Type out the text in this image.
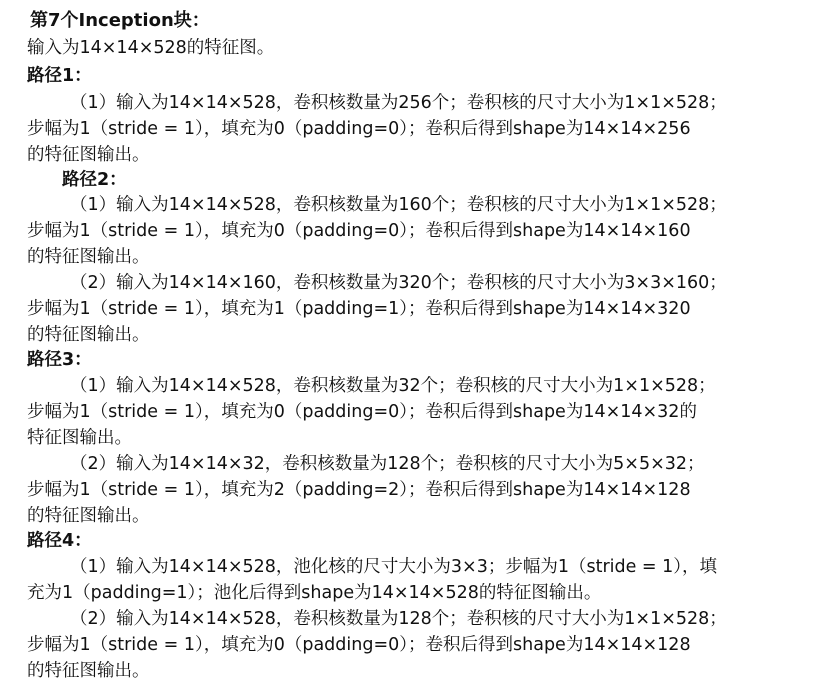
第7个Inception块：
输入为14×14×528的特征图。
路径1：
（1）输入为14×14×528，卷积核数量为256个；卷积核的尺寸大小为1×1×528；
步幅为1（stride = 1），填充为0（padding=0）；卷积后得到shape为14×14×256
的特征图输出。
路径2：
（1）输入为14×14×528，卷积核数量为160个；卷积核的尺寸大小为1×1×528；
步幅为1（stride = 1），填充为0（padding=0）；卷积后得到shape为14×14×160
的特征图输出。
（2）输入为14×14×160，卷积核数量为320个；卷积核的尺寸大小为3×3×160；
步幅为1（stride = 1），填充为1（padding=1）；卷积后得到shape为14×14×320
的特征图输出。
路径3：
（1）输入为14×14×528，卷积核数量为32个；卷积核的尺寸大小为1×1×528；
步幅为1（stride = 1），填充为0（padding=0）；卷积后得到shape为14×14×32的
特征图输出。
（2）输入为14×14×32，卷积核数量为128个；卷积核的尺寸大小为5×5×32；
步幅为1（stride = 1），填充为2（padding=2）；卷积后得到shape为14×14×128
的特征图输出。
路径4：
（1）输入为14×14×528，池化核的尺寸大小为3×3；步幅为1（stride = 1），填
充为1（padding=1）；池化后得到shape为14×14×528的特征图输出。
（2）输入为14×14×528，卷积核数量为128个；卷积核的尺寸大小为1×1×528；
步幅为1（stride = 1），填充为0（padding=0）；卷积后得到shape为14×14×128
的特征图输出。
